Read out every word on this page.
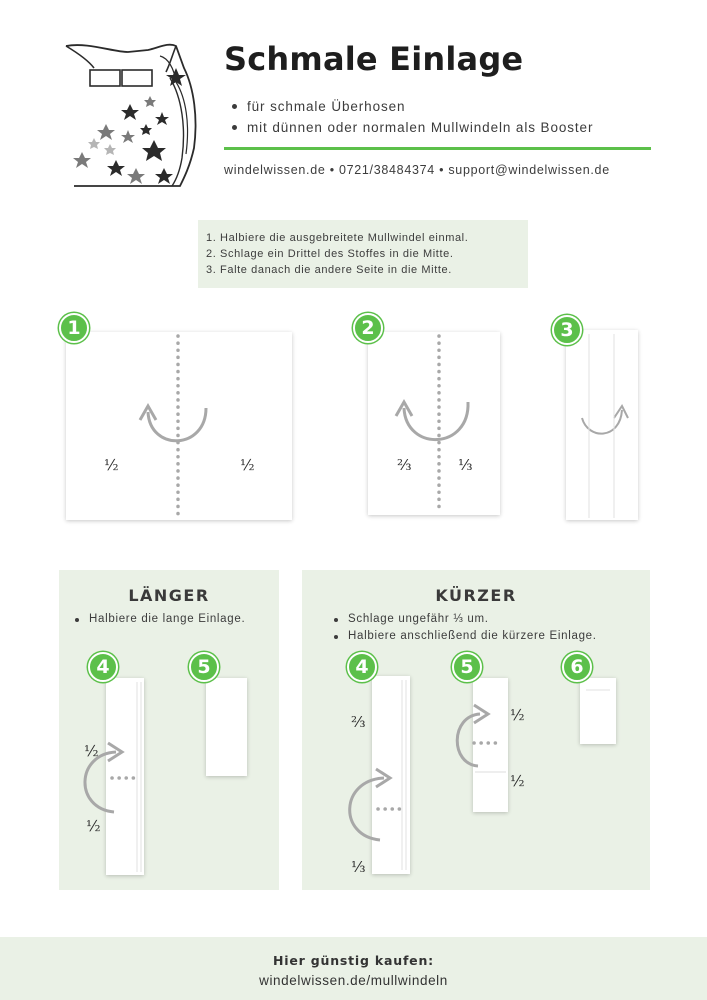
Schmale Einlage
für schmale Überhosen
mit dünnen oder normalen Mullwindeln als Booster
windelwissen.de • 0721/38484374 • support@windelwissen.de
1. Halbiere die ausgebreitete Mullwindel einmal.
2. Schlage ein Drittel des Stoffes in die Mitte.
3. Falte danach die andere Seite in die Mitte.
1	2	3
½	½	⅔	⅓
LÄNGER
Halbiere die lange Einlage.
KÜRZER
Schlage ungefähr ⅓ um.
Halbiere anschließend die kürzere Einlage.
4	5	4	5	6
½
½
⅔
⅓
½
½
Hier günstig kaufen:
windelwissen.de/mullwindeln
